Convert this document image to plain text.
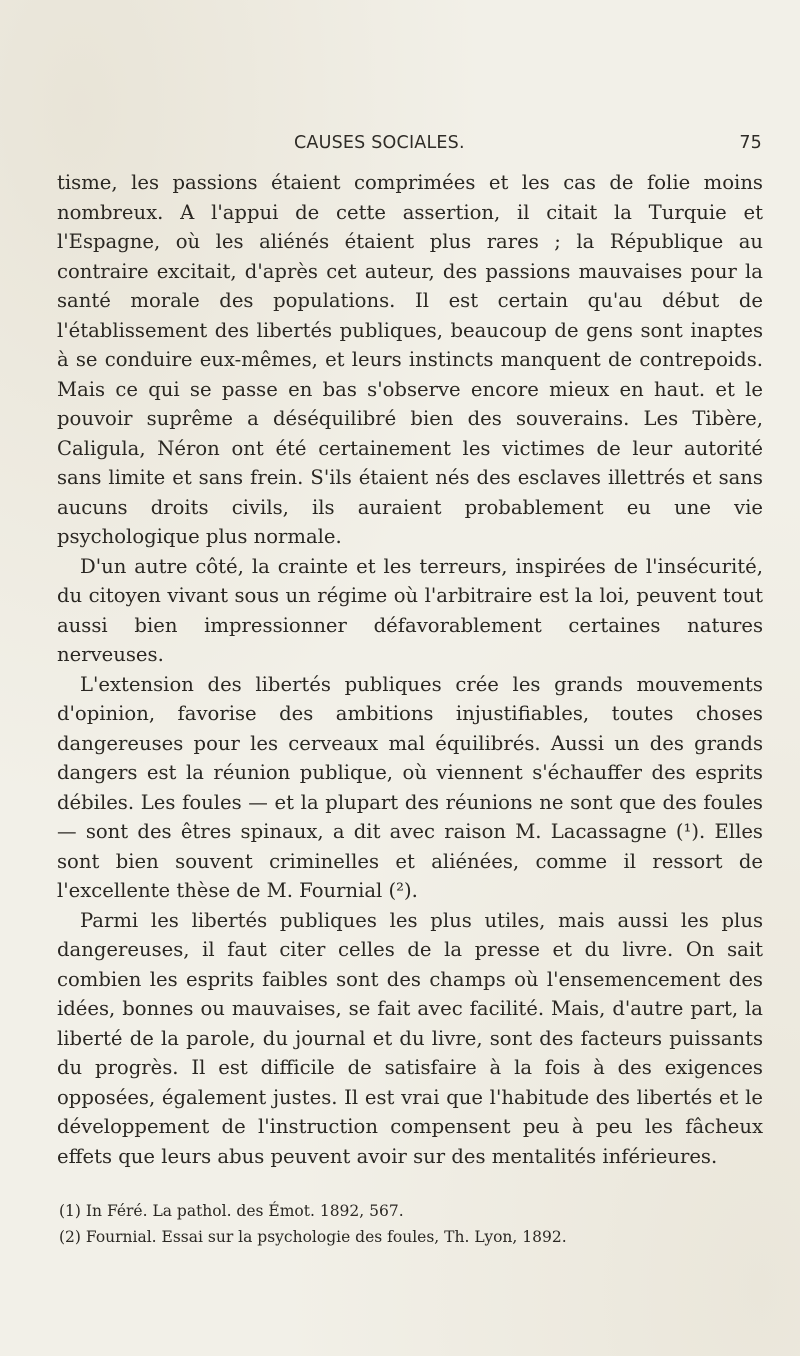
CAUSES SOCIALES.	75

tisme, les passions étaient comprimées et les cas de folie moins nombreux. A l'appui de cette assertion, il citait la Turquie et l'Espagne, où les aliénés étaient plus rares ; la République au contraire excitait, d'après cet auteur, des passions mauvaises pour la santé morale des populations. Il est certain qu'au début de l'établissement des libertés publiques, beaucoup de gens sont inaptes à se conduire eux-mêmes, et leurs instincts manquent de contrepoids. Mais ce qui se passe en bas s'observe encore mieux en haut. et le pouvoir suprême a déséquilibré bien des souverains. Les Tibère, Caligula, Néron ont été certainement les victimes de leur autorité sans limite et sans frein. S'ils étaient nés des esclaves illettrés et sans aucuns droits civils, ils auraient probablement eu une vie psychologique plus normale.

D'un autre côté, la crainte et les terreurs, inspirées de l'insécurité, du citoyen vivant sous un régime où l'arbitraire est la loi, peuvent tout aussi bien impressionner défavorablement certaines natures nerveuses.

L'extension des libertés publiques crée les grands mouvements d'opinion, favorise des ambitions injustifiables, toutes choses dangereuses pour les cerveaux mal équilibrés. Aussi un des grands dangers est la réunion publique, où viennent s'échauffer des esprits débiles. Les foules — et la plupart des réunions ne sont que des foules — sont des êtres spinaux, a dit avec raison M. Lacassagne (¹). Elles sont bien souvent criminelles et aliénées, comme il ressort de l'excellente thèse de M. Fournial (²).

Parmi les libertés publiques les plus utiles, mais aussi les plus dangereuses, il faut citer celles de la presse et du livre. On sait combien les esprits faibles sont des champs où l'ensemencement des idées, bonnes ou mauvaises, se fait avec facilité. Mais, d'autre part, la liberté de la parole, du journal et du livre, sont des facteurs puissants du progrès. Il est difficile de satisfaire à la fois à des exigences opposées, également justes. Il est vrai que l'habitude des libertés et le développement de l'instruction compensent peu à peu les fâcheux effets que leurs abus peuvent avoir sur des mentalités inférieures.

(1) In Féré. La pathol. des Émot. 1892, 567.

(2) Fournial. Essai sur la psychologie des foules, Th. Lyon, 1892.
